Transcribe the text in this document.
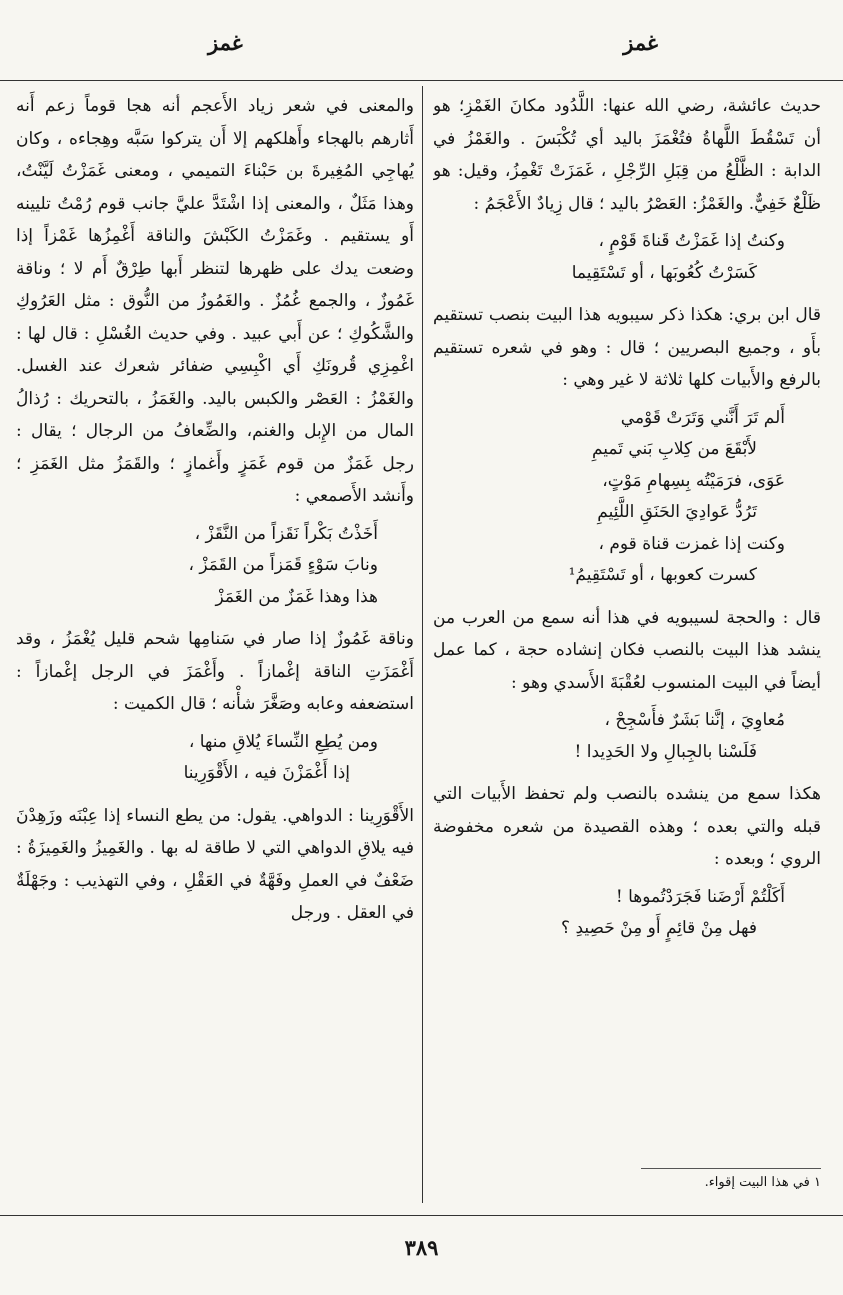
غمز
غمز

حديث عائشة، رضي الله عنها: اللَّدُود مكانَ الغَمْزِ؛ هو أن تَسْقُطَ اللَّهاةُ فتُغْمَزَ باليد أي تُكْبَسَ . والغَمْزُ في الدابة : الظَّلْعُ من قِبَلِ الرِّجْلِ ، غَمَزَتْ تَغْمِزُ، وقيل: هو ظَلْعٌ خَفِيٌّ. والغَمْزُ: العَصْرُ باليد ؛ قال زِيادٌ الأَعْجَمُ :

وكنتُ إذا غَمَزْتُ قَناةَ قَوْمٍ ،
كَسَرْتُ كُعُوبَها ، أو تَسْتَقِيما

قال ابن بري: هكذا ذكر سيبويه هذا البيت بنصب تستقيم بأَو ، وجميع البصريين ؛ قال : وهو في شعره تستقيم بالرفع والأَبيات كلها ثلاثة لا غير وهي :

أَلم تَرَ أَنَّني وَتَرَتْ قَوْمي
لأَبْقَعَ من كِلابِ بَني تَميمِ
عَوَى، فرَمَيْتُه بِسِهامِ مَوْتٍ،
تَرُدُّ عَوادِيَ الحَنَقِ اللَّئِيمِ
وكنت إذا غمزت قناة قوم ،
كسرت كعوبها ، أو تَسْتَقِيمُ¹

قال : والحجة لسيبويه في هذا أنه سمع من العرب من ينشد هذا البيت بالنصب فكان إنشاده حجة ، كما عمل أيضاً في البيت المنسوب لعُقْبَةَ الأَسدي وهو :

مُعاوِيَ ، إنَّنا بَشَرٌ فأَسْجِحْ ،
فَلَسْنا بالجِبالِ ولا الحَدِيدا !

هكذا سمع من ينشده بالنصب ولم تحفظ الأَبيات التي قبله والتي بعده ؛ وهذه القصيدة من شعره مخفوضة الروي ؛ وبعده :

أَكَلْتُمْ أَرْضَنا فَجَرَدْتُموها !
فهل مِنْ قائِمٍ أَو مِنْ حَصِيدِ ؟

والمعنى في شعر زياد الأَعجم أنه هجا قوماً زعم أَنه أَثارهم بالهجاء وأَهلكهم إلا أَن يتركوا سَبَّه وهِجاءه ، وكان يُهاجِي المُغِيرةَ بن حَبْناءَ التميمي ، ومعنى غَمَزْتُ لَيَّنْتُ، وهذا مَثَلٌ ، والمعنى إذا اشْتَدَّ عليَّ جانب قوم رُمْتُ تليينه أَو يستقيم . وغَمَزْتُ الكَبْشَ والناقة أَغْمِزُها غَمْزاً إذا وضعت يدك على ظهرها لتنظر أَبها طِرْقٌ أَم لا ؛ وناقة غَمُوزٌ ، والجمع غُمُزٌ . والغَمُوزُ من النُّوق : مثل العَرُوكِ والشَّكُوكِ ؛ عن أَبي عبيد . وفي حديث الغُسْلِ : قال لها : اغْمِزِي قُرونَكِ أَي اكْبِسِي ضفائر شعرك عند الغسل. والغَمْزُ : العَصْر والكبس باليد. والغَمَزُ ، بالتحريك : رُذالُ المال من الإِبل والغنم، والضِّعافُ من الرجال ؛ يقال : رجل غَمَزٌ من قوم غَمَزٍ وأَغمازٍ ؛ والقَمَزُ مثل الغَمَزِ ؛ وأَنشد الأَصمعي :

أَخَذْتُ بَكْراً نَقَزاً من النَّقَزْ ،
ونابَ سَوْءٍ قَمَزاً من القَمَزْ ،
هذا وهذا غَمَزٌ من الغَمَزْ

وناقة غَمُوزٌ إذا صار في سَنامِها شحم قليل يُغْمَزُ ، وقد أَغْمَزَتِ الناقة إغْمازاً . وأَغْمَزَ في الرجل إغْمازاً : استضعفه وعابه وصَغَّرَ شأْنه ؛ قال الكميت :

ومن يُطِعِ النِّساءَ يُلاقِ منها ،
إذا أَغْمَزْنَ فيه ، الأَقْوَرِينا

الأَقْوَرِينا : الدواهي. يقول: من يطع النساء إذا عِبْنَه وزَهِدْنَ فيه يلاقِ الدواهي التي لا طاقة له بها . والغَمِيزُ والغَمِيزَةُ : ضَعْفٌ في العملِ وفَهَّةٌ في العَقْلِ ، وفي التهذيب : وجَهْلَةٌ في العقل . ورجل

١ في هذا البيت إقواء.
٣٨٩
